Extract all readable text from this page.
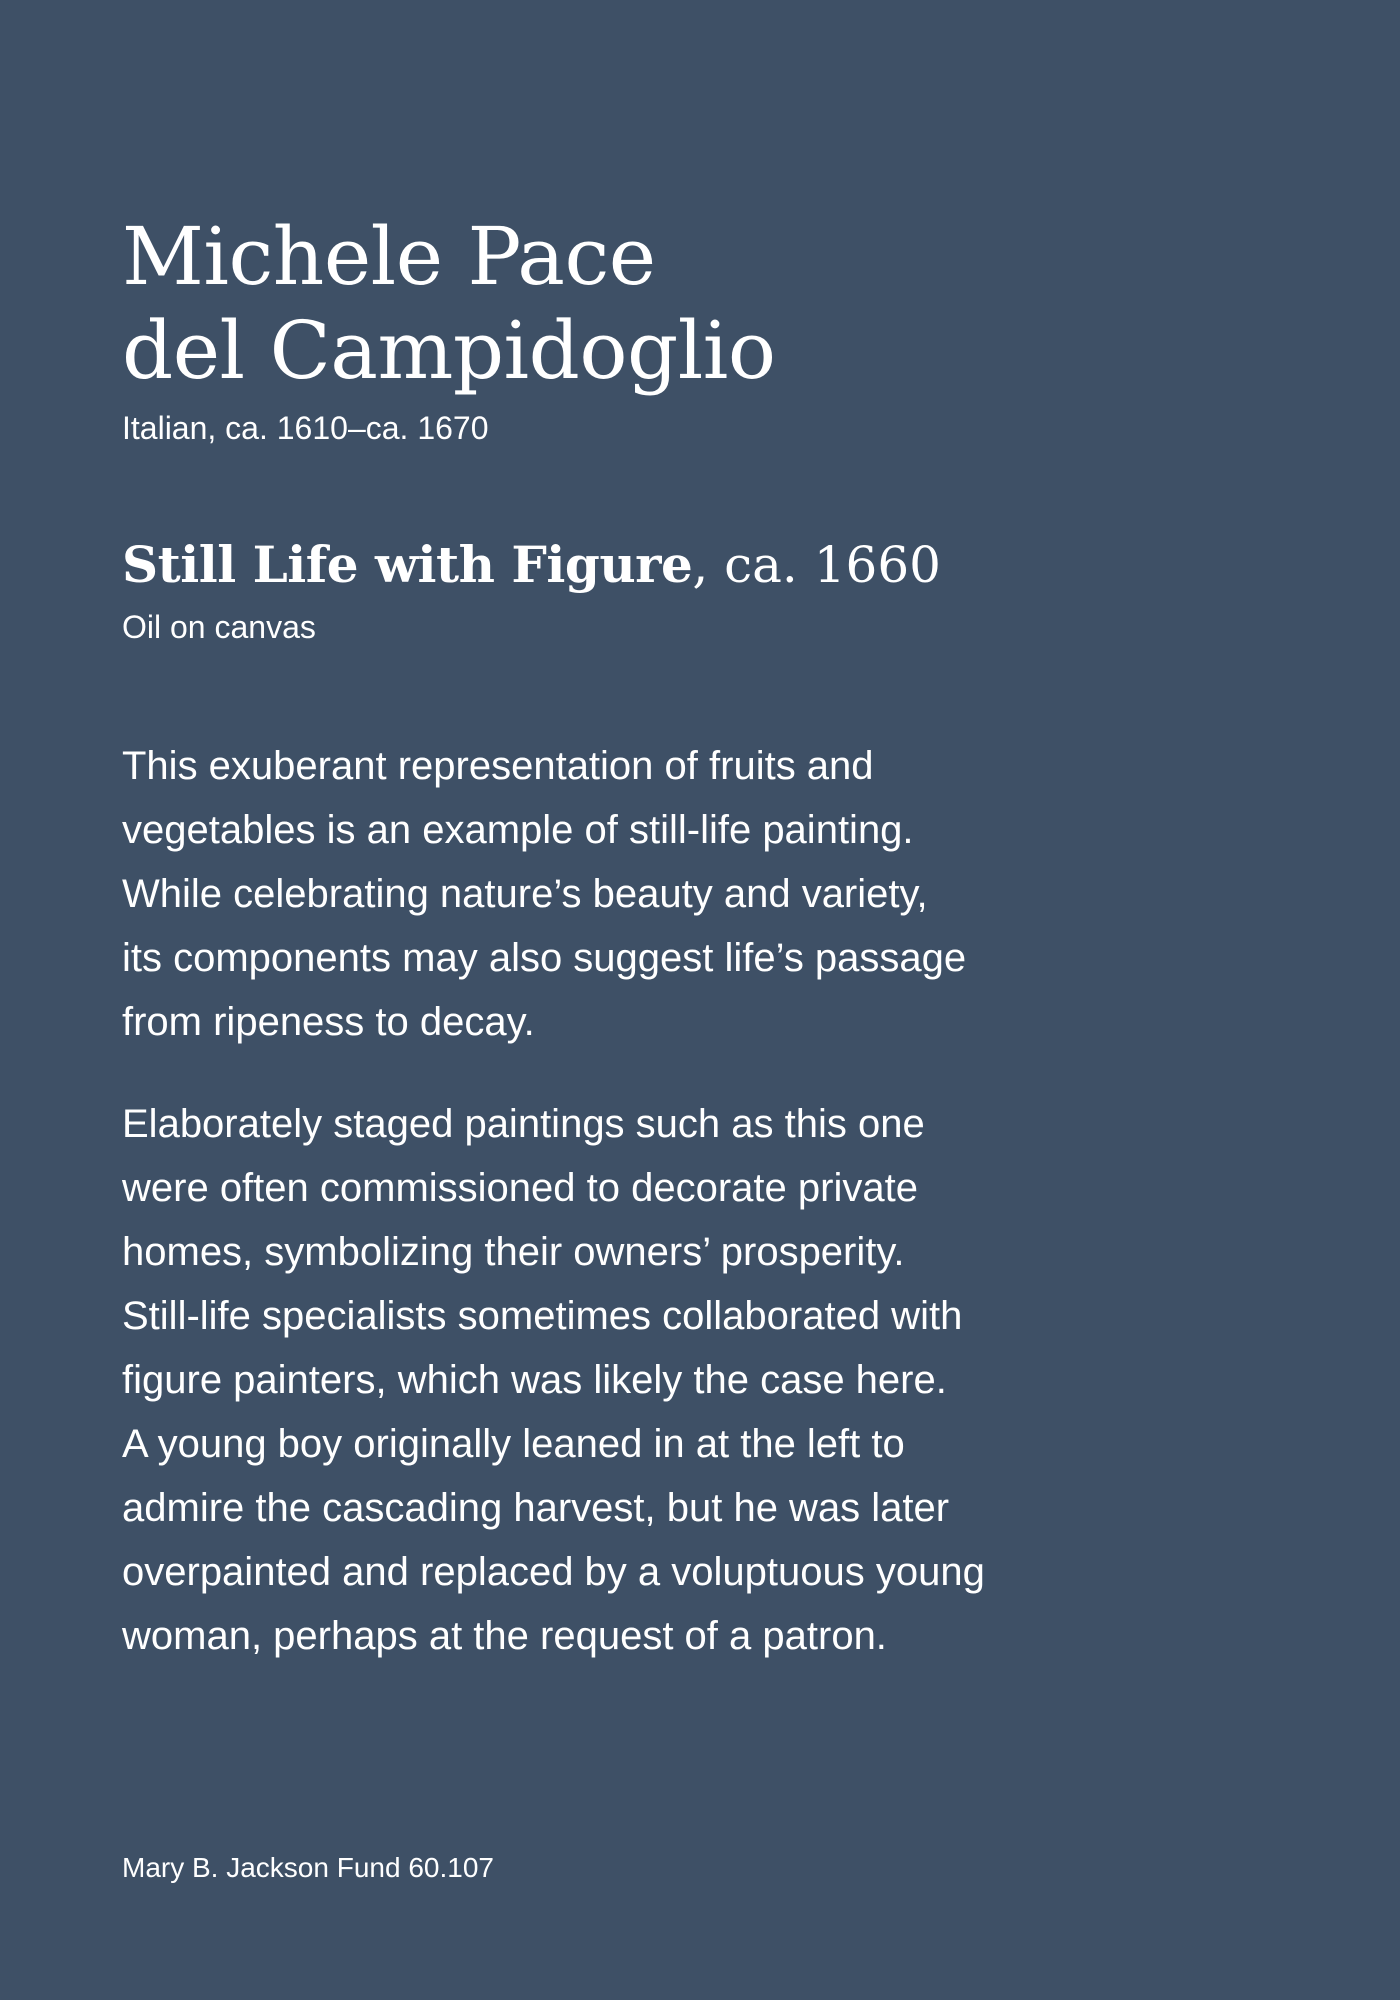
Michele Pace
del Campidoglio

Italian, ca. 1610–ca. 1670

Still Life with Figure, ca. 1660

Oil on canvas

This exuberant representation of fruits and
vegetables is an example of still-life painting.
While celebrating nature’s beauty and variety,
its components may also suggest life’s passage
from ripeness to decay.

Elaborately staged paintings such as this one
were often commissioned to decorate private
homes, symbolizing their owners’ prosperity.
Still-life specialists sometimes collaborated with
figure painters, which was likely the case here.
A young boy originally leaned in at the left to
admire the cascading harvest, but he was later
overpainted and replaced by a voluptuous young
woman, perhaps at the request of a patron.

Mary B. Jackson Fund 60.107
